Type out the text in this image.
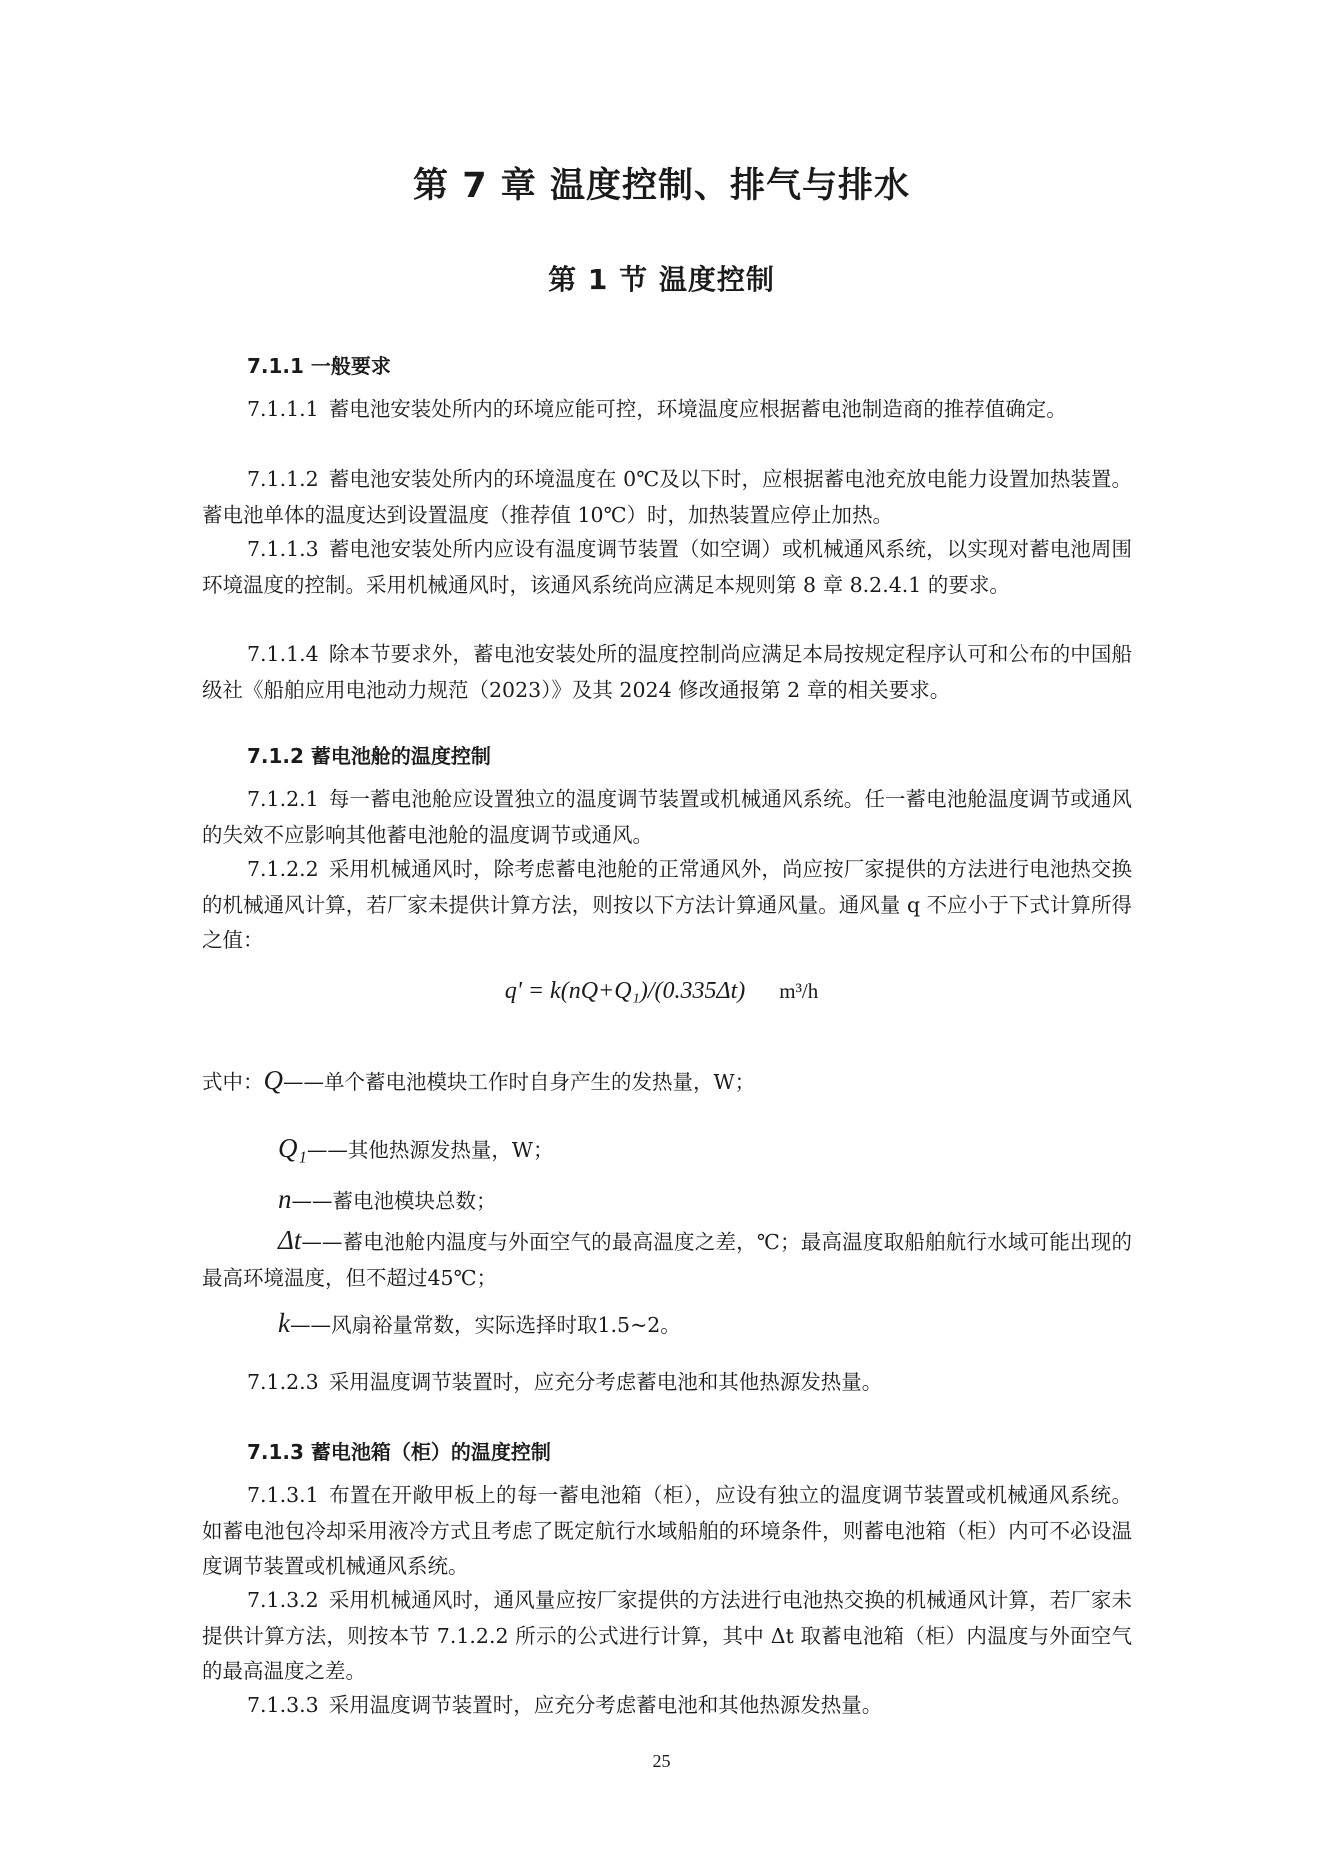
第 7 章 温度控制、排气与排水
第 1 节 温度控制
7.1.1 一般要求
7.1.1.1 蓄电池安装处所内的环境应能可控，环境温度应根据蓄电池制造商的推荐值确定。
7.1.1.2 蓄电池安装处所内的环境温度在 0℃及以下时，应根据蓄电池充放电能力设置加热装置。蓄电池单体的温度达到设置温度（推荐值 10℃）时，加热装置应停止加热。
7.1.1.3 蓄电池安装处所内应设有温度调节装置（如空调）或机械通风系统，以实现对蓄电池周围环境温度的控制。采用机械通风时，该通风系统尚应满足本规则第 8 章 8.2.4.1 的要求。
7.1.1.4 除本节要求外，蓄电池安装处所的温度控制尚应满足本局按规定程序认可和公布的中国船级社《船舶应用电池动力规范（2023）》及其 2024 修改通报第 2 章的相关要求。
7.1.2 蓄电池舱的温度控制
7.1.2.1 每一蓄电池舱应设置独立的温度调节装置或机械通风系统。任一蓄电池舱温度调节或通风的失效不应影响其他蓄电池舱的温度调节或通风。
7.1.2.2 采用机械通风时，除考虑蓄电池舱的正常通风外，尚应按厂家提供的方法进行电池热交换的机械通风计算，若厂家未提供计算方法，则按以下方法计算通风量。通风量 q 不应小于下式计算所得之值：
q' = k(nQ+Q₁)/(0.335Δt) m³/h
式中：Q——单个蓄电池模块工作时自身产生的发热量，W；
Q₁——其他热源发热量，W；
n——蓄电池模块总数；
Δt——蓄电池舱内温度与外面空气的最高温度之差，℃；最高温度取船舶航行水域可能出现的最高环境温度，但不超过45℃；
k——风扇裕量常数，实际选择时取1.5~2。
7.1.2.3 采用温度调节装置时，应充分考虑蓄电池和其他热源发热量。
7.1.3 蓄电池箱（柜）的温度控制
7.1.3.1 布置在开敞甲板上的每一蓄电池箱（柜），应设有独立的温度调节装置或机械通风系统。如蓄电池包冷却采用液冷方式且考虑了既定航行水域船舶的环境条件，则蓄电池箱（柜）内可不必设温度调节装置或机械通风系统。
7.1.3.2 采用机械通风时，通风量应按厂家提供的方法进行电池热交换的机械通风计算，若厂家未提供计算方法，则按本节 7.1.2.2 所示的公式进行计算，其中 Δt 取蓄电池箱（柜）内温度与外面空气的最高温度之差。
7.1.3.3 采用温度调节装置时，应充分考虑蓄电池和其他热源发热量。
25
